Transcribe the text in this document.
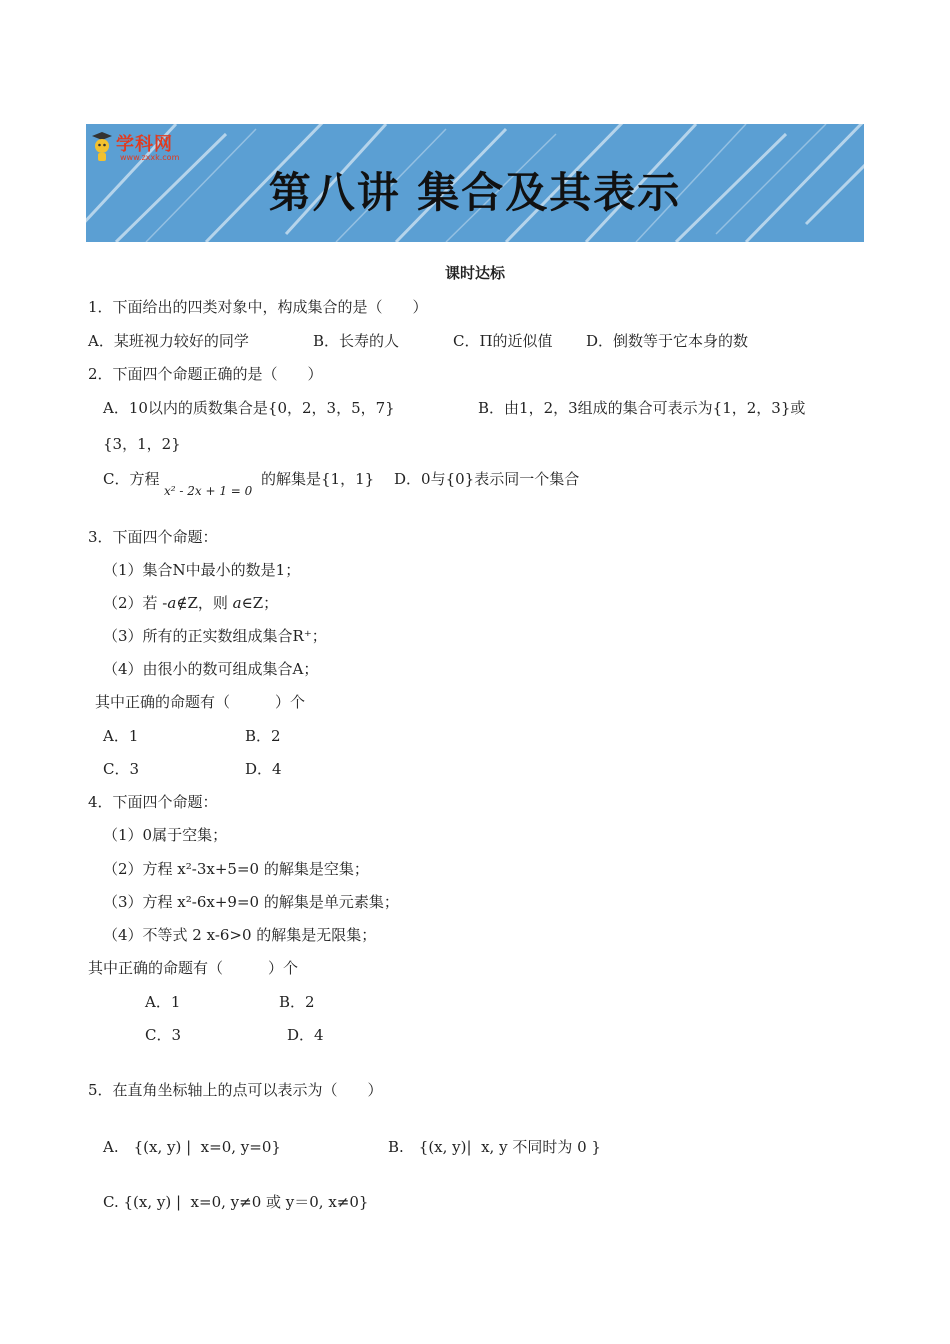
学科网
www.zxxk.com
第八讲 集合及其表示
课时达标
1．下面给出的四类对象中，构成集合的是（　　）
A．某班视力较好的同学	B．长寿的人	C．Π的近似值 D．倒数等于它本身的数
2．下面四个命题正确的是（　　）
A．10以内的质数集合是{0，2，3，5，7}	B．由1，2，3组成的集合可表示为{1，2，3}或
{3，1，2}
C．方程
x² - 2x + 1 = 0
的解集是{1，1} D．0与{0}表示同一个集合
3．下面四个命题：
（1）集合N中最小的数是1；
（2）若 -a∉Z，则 a∈Z；
（3）所有的正实数组成集合R⁺；
（4）由很小的数可组成集合A；
其中正确的命题有（　　　）个
A．1	B．2
C．3	D．4
4．下面四个命题：
（1）0属于空集；
（2）方程 x²-3x+5=0 的解集是空集；
（3）方程 x²-6x+9=0 的解集是单元素集；
（4）不等式 2 x-6>0 的解集是无限集；
其中正确的命题有（　　　）个
A．1	B．2
C．3	D．4
5．在直角坐标轴上的点可以表示为（　　）
A.　{(x, y) |  x=0, y=0}	B.　{(x, y)|  x, y 不同时为 0 }
C. {(x, y) |  x=0, y≠0 或 y＝0, x≠0}
